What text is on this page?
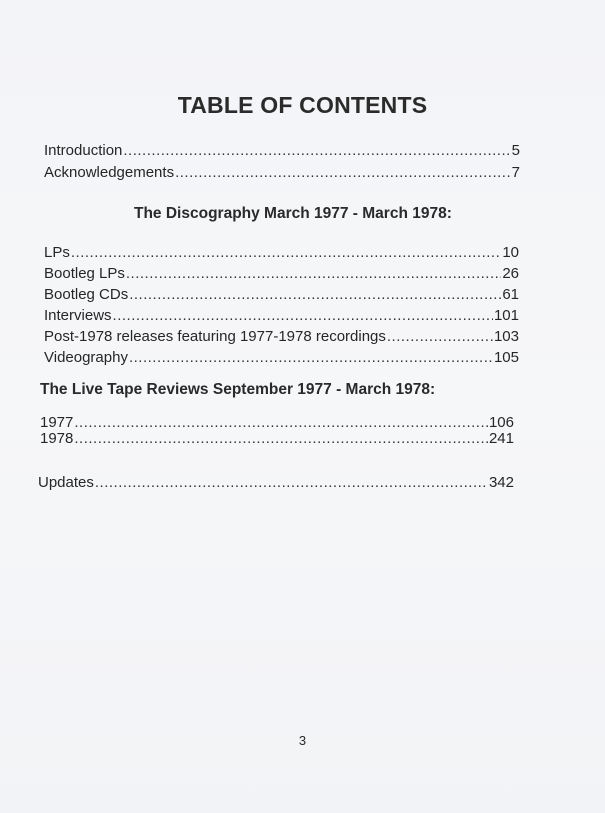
TABLE OF CONTENTS
Introduction .....	5
Acknowledgements .....	7
The Discography March 1977 - March 1978:
LPs .....	10
Bootleg LPs .....	26
Bootleg CDs .....	61
Interviews .....	101
Post-1978 releases featuring 1977-1978 recordings .....	103
Videography .....	105
The Live Tape Reviews September 1977 - March 1978:
1977 .....	106
1978 .....	241
Updates .....	342
3
